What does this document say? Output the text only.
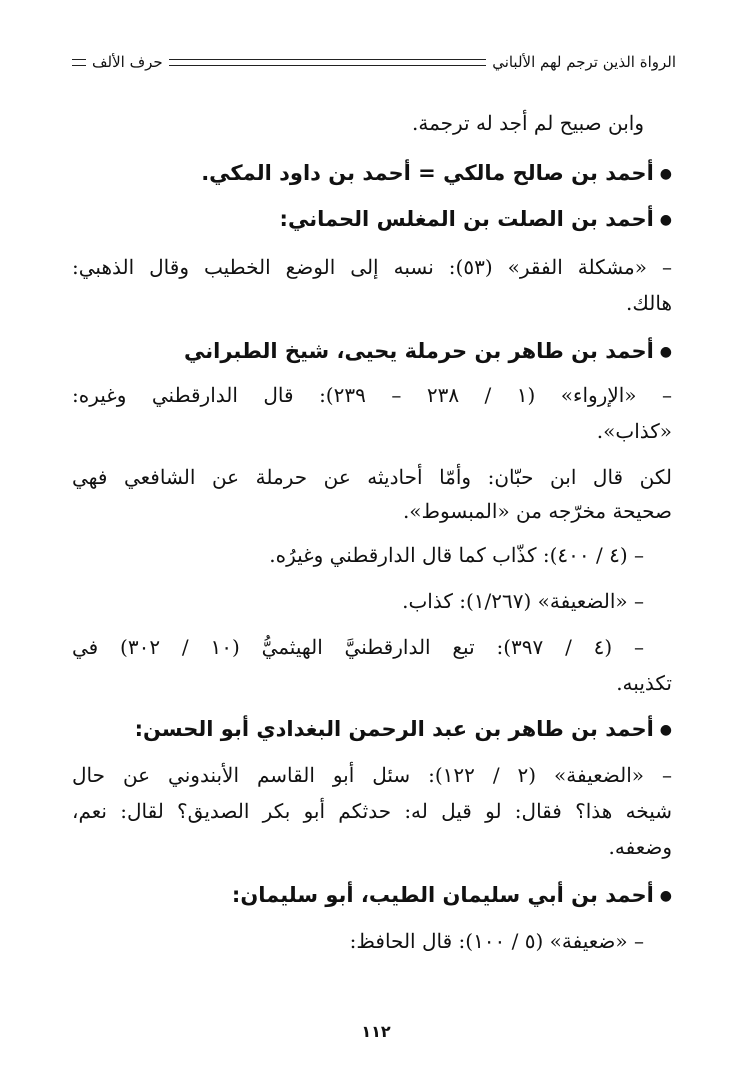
الرواة الذين ترجم لهم الألباني
حرف الألف
وابن صبيح لم أجد له ترجمة.
●أحمد بن صالح مالكي = أحمد بن داود المكي.
●أحمد بن الصلت بن المغلس الحماني:
– «مشكلة الفقر» (٥٣): نسبه إلى الوضع الخطيب وقال الذهبي:
هالك.
●أحمد بن طاهر بن حرملة يحيى، شيخ الطبراني
– «الإرواء» (١ / ٢٣٨ – ٢٣٩): قال الدارقطني وغيره:
«كذاب».
لكن قال ابن حبّان: وأمّا أحاديثه عن حرملة عن الشافعي فهي
صحيحة مخرّجه من «المبسوط».
– (٤ / ٤٠٠): كذّاب كما قال الدارقطني وغيرُه.
– «الضعيفة» (١/٢٦٧): كذاب.
– (٤ / ٣٩٧): تبع الدارقطنيَّ الهيثميُّ (١٠ / ٣٠٢) في
تكذيبه.
●أحمد بن طاهر بن عبد الرحمن البغدادي أبو الحسن:
– «الضعيفة» (٢ / ١٢٢): سئل أبو القاسم الأبندوني عن حال
شيخه هذا؟ فقال: لو قيل له: حدثكم أبو بكر الصديق؟ لقال: نعم،
وضعفه.
●أحمد بن أبي سليمان الطيب، أبو سليمان:
– «ضعيفة» (٥ / ١٠٠): قال الحافظ:
١١٢
